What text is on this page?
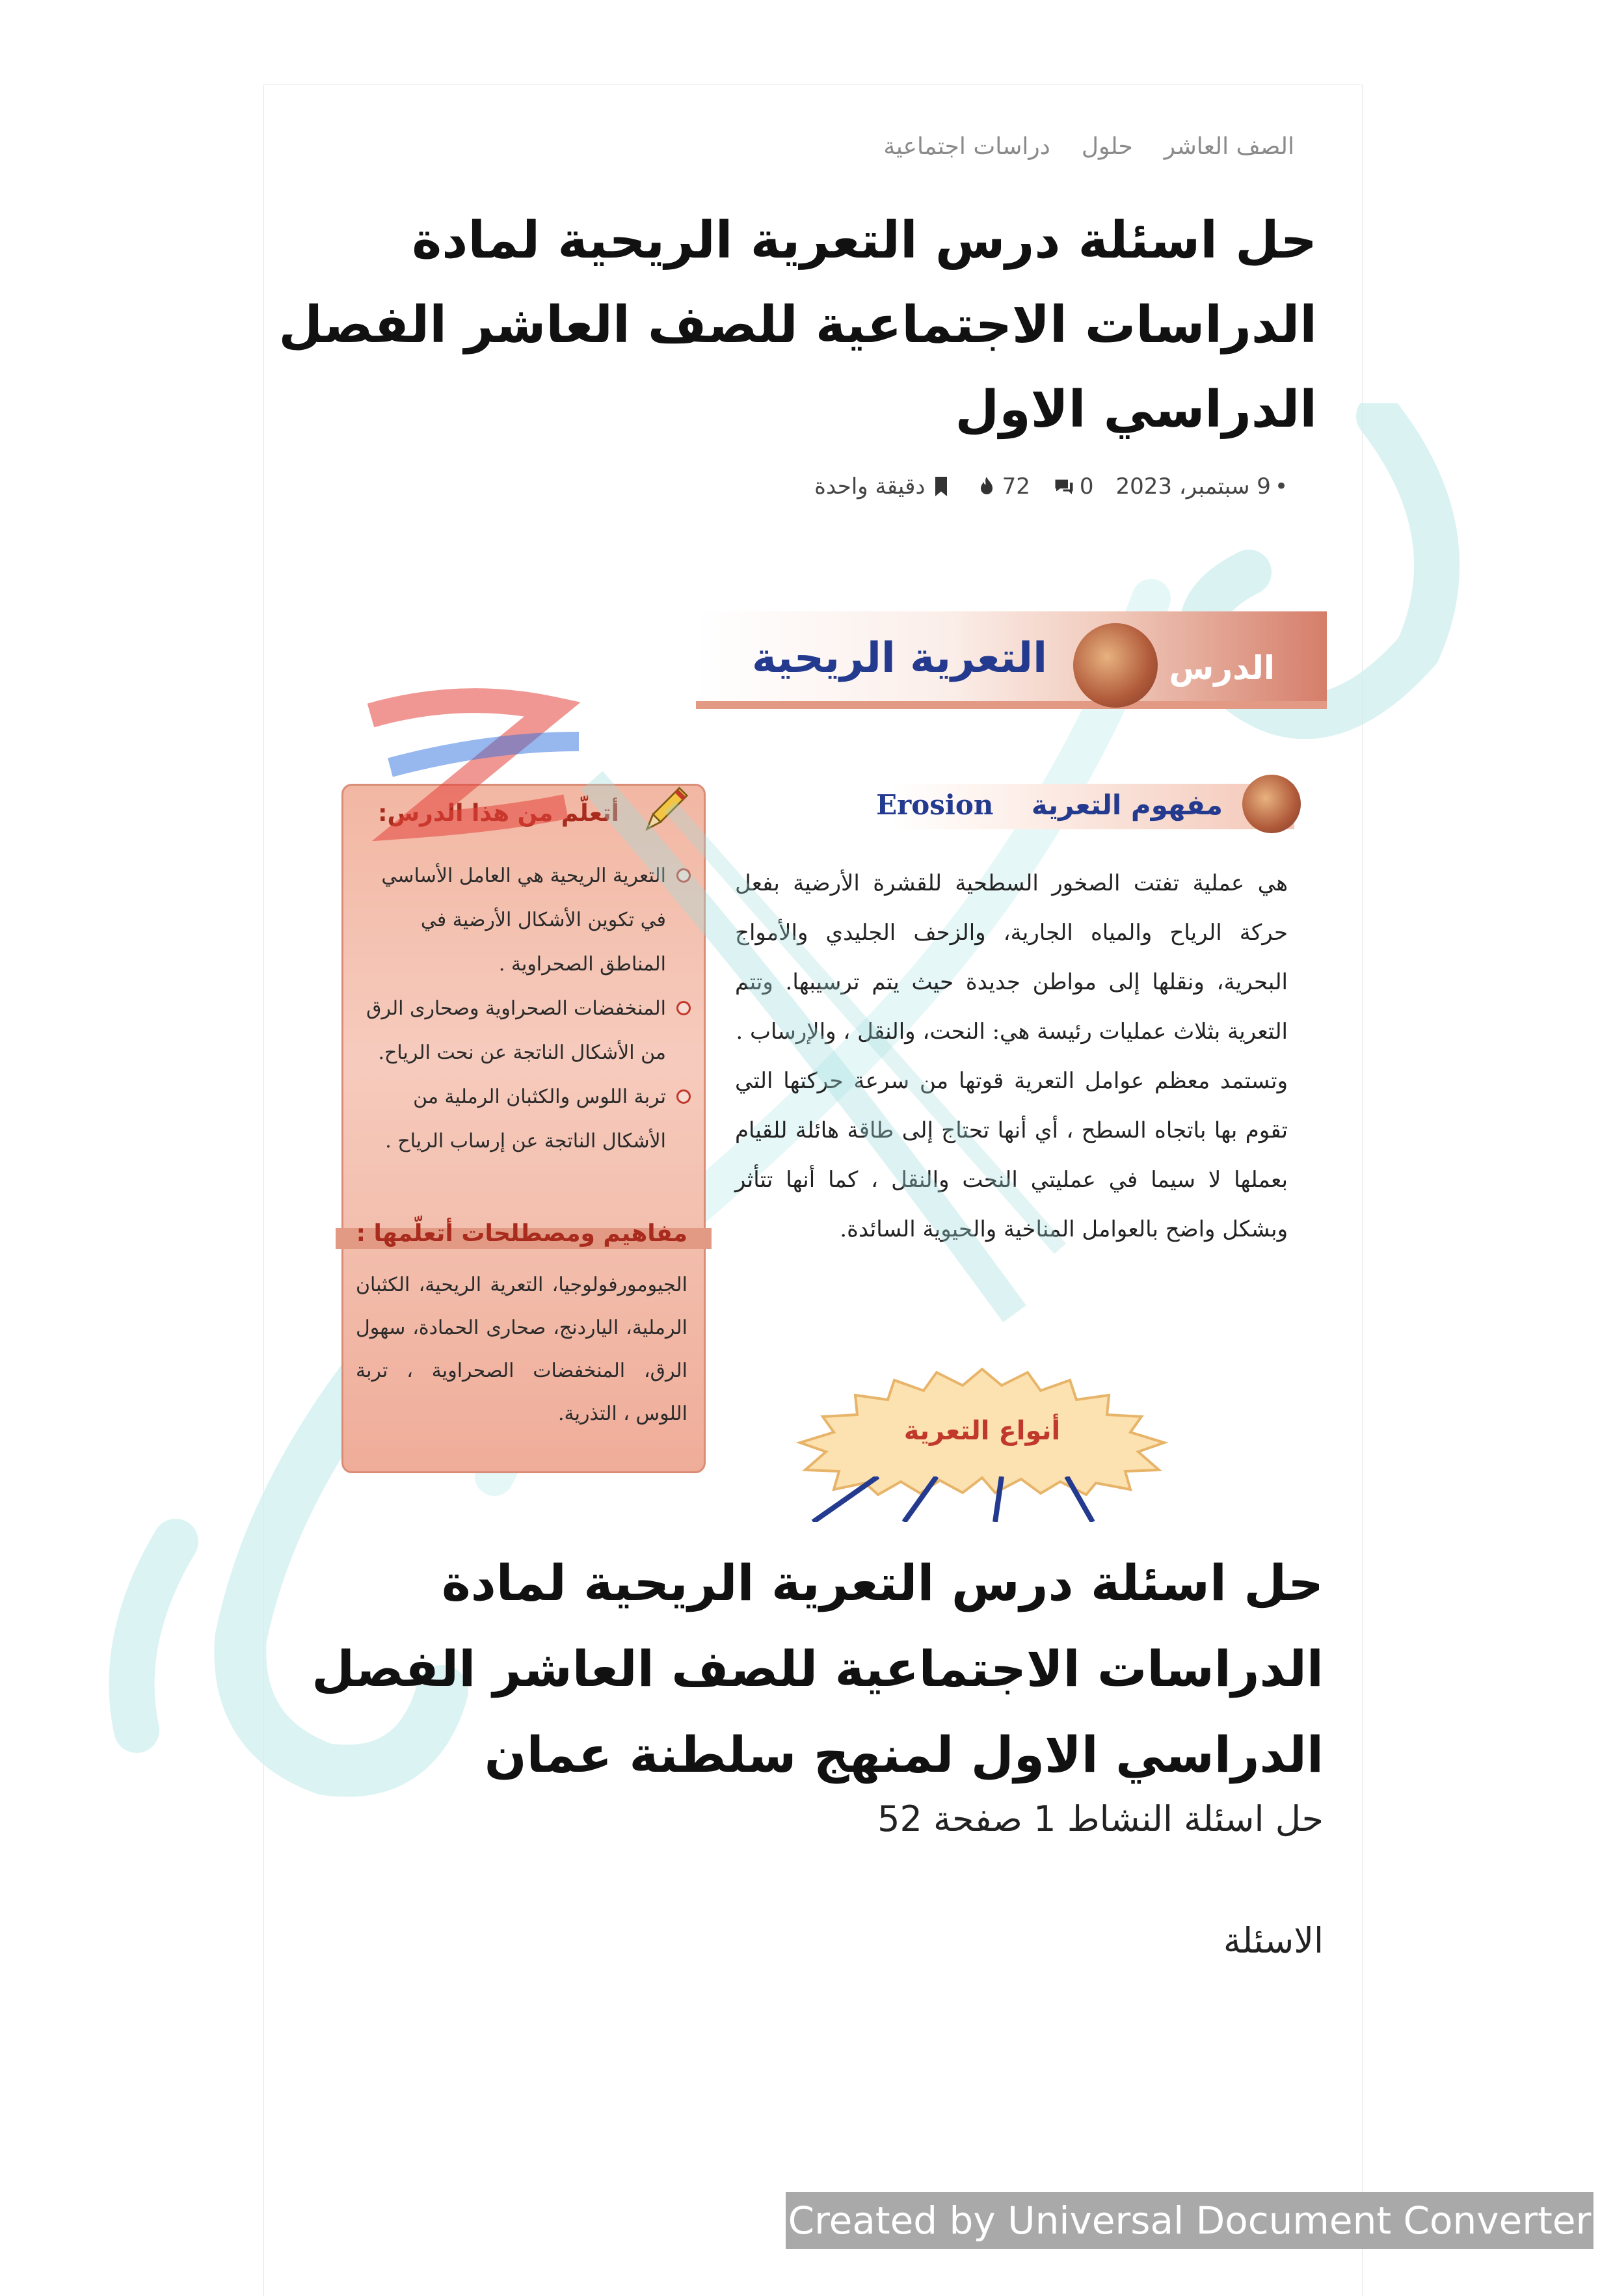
الصف العاشر
حلول
دراسات اجتماعية
حل اسئلة درس التعرية الريحية لمادة الدراسات الاجتماعية للصف العاشر الفصل الدراسي الاول
•
9 سبتمبر، 2023
0
72
دقيقة واحدة
الدرس
التعرية الريحية
مفهوم التعرية    Erosion

هي عملية تفتت الصخور السطحية للقشرة الأرضية بفعل حركة الرياح والمياه الجارية، والزحف الجليدي والأمواج البحرية، ونقلها إلى مواطن جديدة حيث يتم ترسيبها. وتتم التعرية بثلاث عمليات رئيسة هي: النحت، والنقل ، والإرساب .

وتستمد معظم عوامل التعرية قوتها من سرعة حركتها التي تقوم بها باتجاه السطح ، أي أنها تحتاج إلى طاقة هائلة للقيام بعملها لا سيما في عمليتي النحت والنقل ، كما أنها تتأثر وبشكل واضح بالعوامل المناخية والحيوية السائدة.

أتعلّم من هذا الدرس:
التعرية الريحية هي العامل الأساسي في تكوين الأشكال الأرضية في المناطق الصحراوية .
المنخفضات الصحراوية وصحارى الرق من الأشكال الناتجة عن نحت الرياح.
تربة اللوس والكثبان الرملية من الأشكال الناتجة عن إرساب الرياح .
مفاهيم ومصطلحات أتعلّمها :

الجيومورفولوجيا، التعرية الريحية، الكثبان الرملية، الياردنج، صحارى الحمادة، سهول الرق، المنخفضات الصحراوية ، تربة اللوس ، التذرية.

أنواع التعرية
حل اسئلة درس التعرية الريحية لمادة الدراسات الاجتماعية للصف العاشر الفصل الدراسي الاول لمنهج سلطنة عمان

حل اسئلة النشاط 1 صفحة 52

الاسئلة

Created by Universal Document Converter
